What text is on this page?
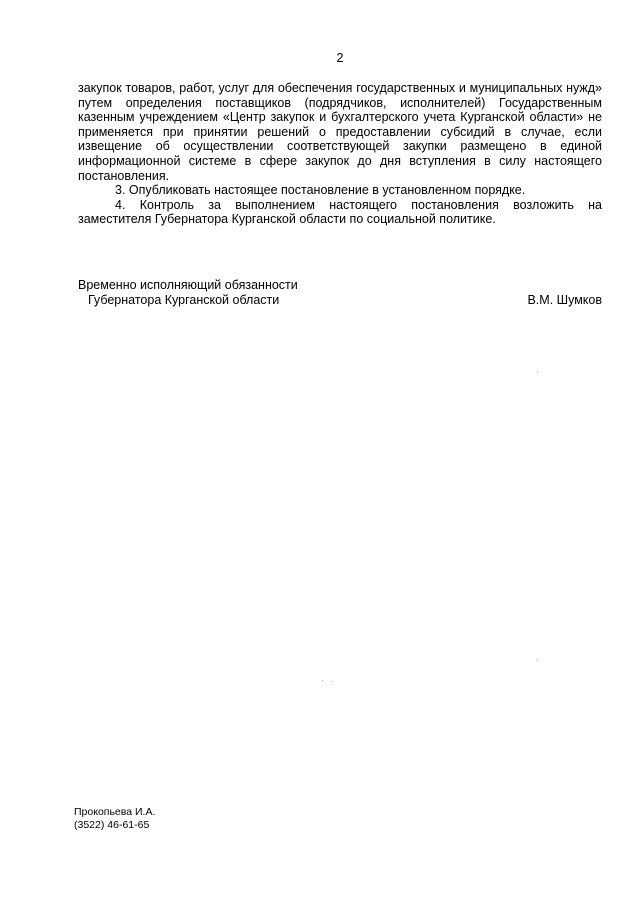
2

закупок товаров, работ, услуг для обеспечения государственных и муниципальных нужд» путем определения поставщиков (подрядчиков, исполнителей) Государственным казенным учреждением «Центр закупок и бухгалтерского учета Курганской области» не применяется при принятии решений о предоставлении субсидий в случае, если извещение об осуществлении соответствующей закупки размещено в единой информационной системе в сфере закупок до дня вступления в силу настоящего постановления.

3. Опубликовать настоящее постановление в установленном порядке.

4. Контроль за выполнением настоящего постановления возложить на заместителя Губернатора Курганской области по социальной политике.

Временно исполняющий обязанности
Губернатора Курганской области	В.М. Шумков
Прокопьева И.А.
(3522) 46-61-65
